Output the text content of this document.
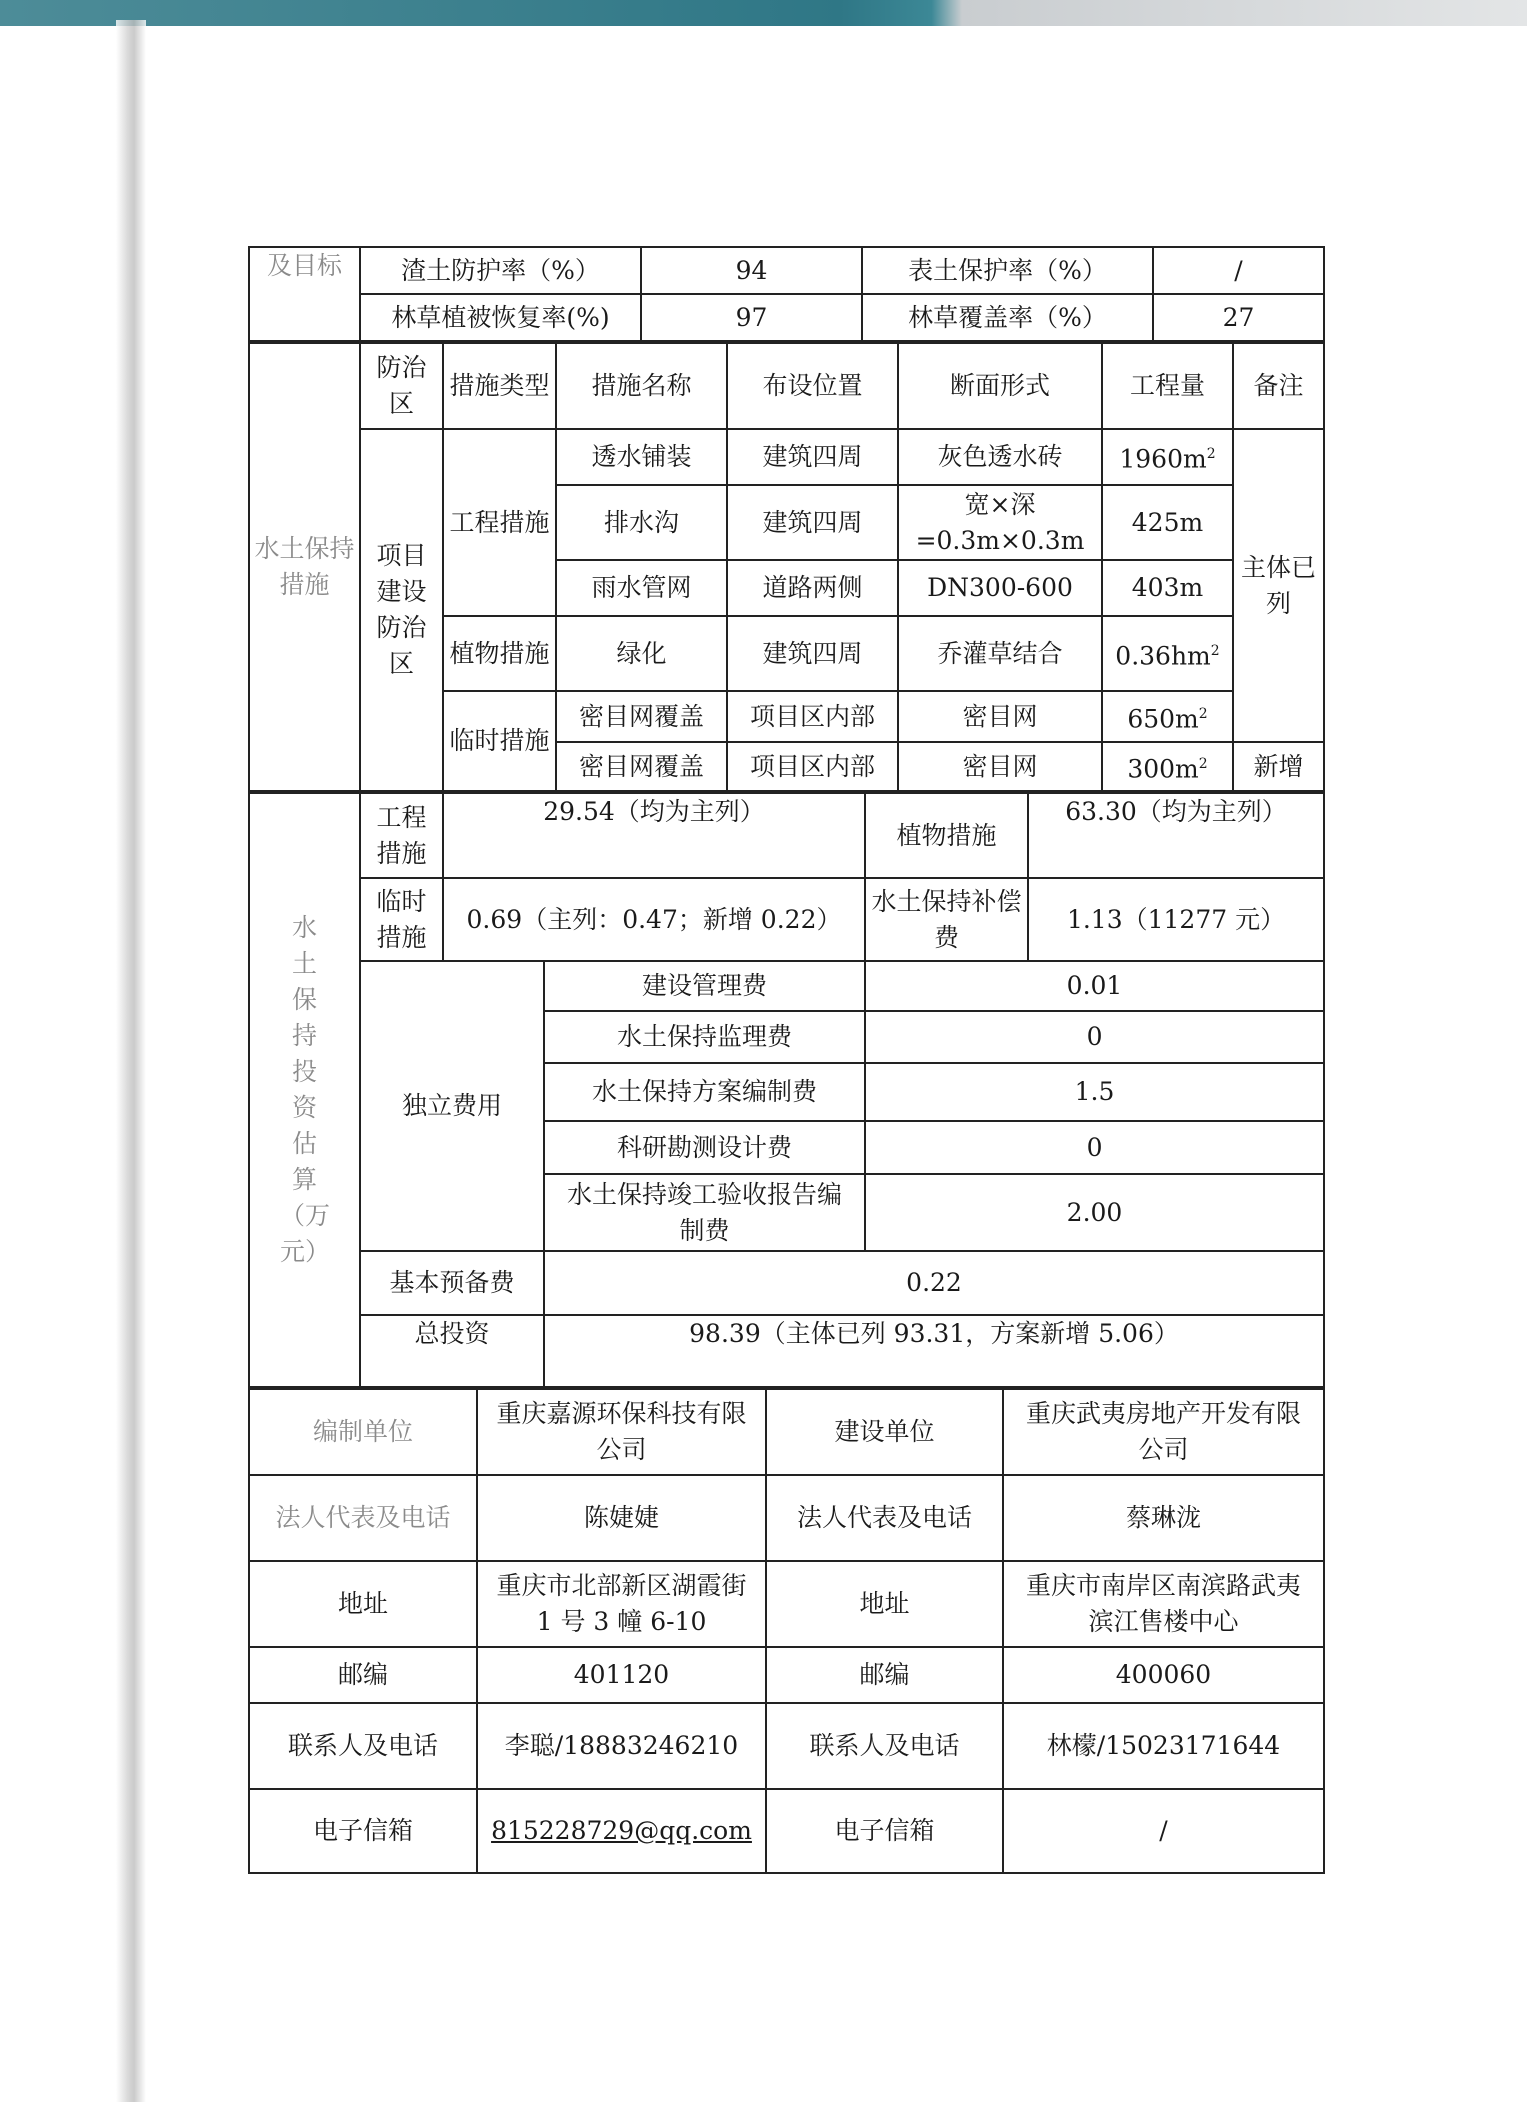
及目标	渣土防护率（%）	94	表土保护率（%）	/
	林草植被恢复率(%)	97	林草覆盖率（%）	27
水土保持措施	防治区	措施类型	措施名称	布设位置	断面形式	工程量	备注
	项目建设防治区	工程措施	透水铺装	建筑四周	灰色透水砖	$1960m^2$	主体已列
			排水沟	建筑四周	宽×深=0.3m×0.3m	425m	
			雨水管网	道路两侧	DN300-600	403m	
		植物措施	绿化	建筑四周	乔灌草结合	$0.36hm^2$
		临时措施	密目网覆盖	项目区内部	密目网	$650m^2$
			密目网覆盖	项目区内部	密目网	$300m^2$	新增
水土保持投资估算（万元）	工程措施	29.54（均为主列）		植物措施	63.30（均为主列）
	临时措施	0.69（主列：0.47；新增 0.22）		水土保持补偿费	1.13（11277 元）
	独立费用		建设管理费	0.01	
			水土保持监理费	0	
			水土保持方案编制费	1.5	
			科研勘测设计费	0	
			水土保持竣工验收报告编制费	2.00	
	基本预备费		0.22		
	总投资		98.39（主体已列 93.31，方案新增 5.06）		
编制单位	重庆嘉源环保科技有限公司	建设单位	重庆武夷房地产开发有限公司
法人代表及电话	陈婕婕	法人代表及电话	蔡琳泷
地址	重庆市北部新区湖霞街 1 号 3 幢 6-10	地址	重庆市南岸区南滨路武夷滨江售楼中心
邮编	401120	邮编	400060
联系人及电话	李聪/18883246210	联系人及电话	林檬/15023171644
电子信箱	815228729@qq.com	电子信箱	/
